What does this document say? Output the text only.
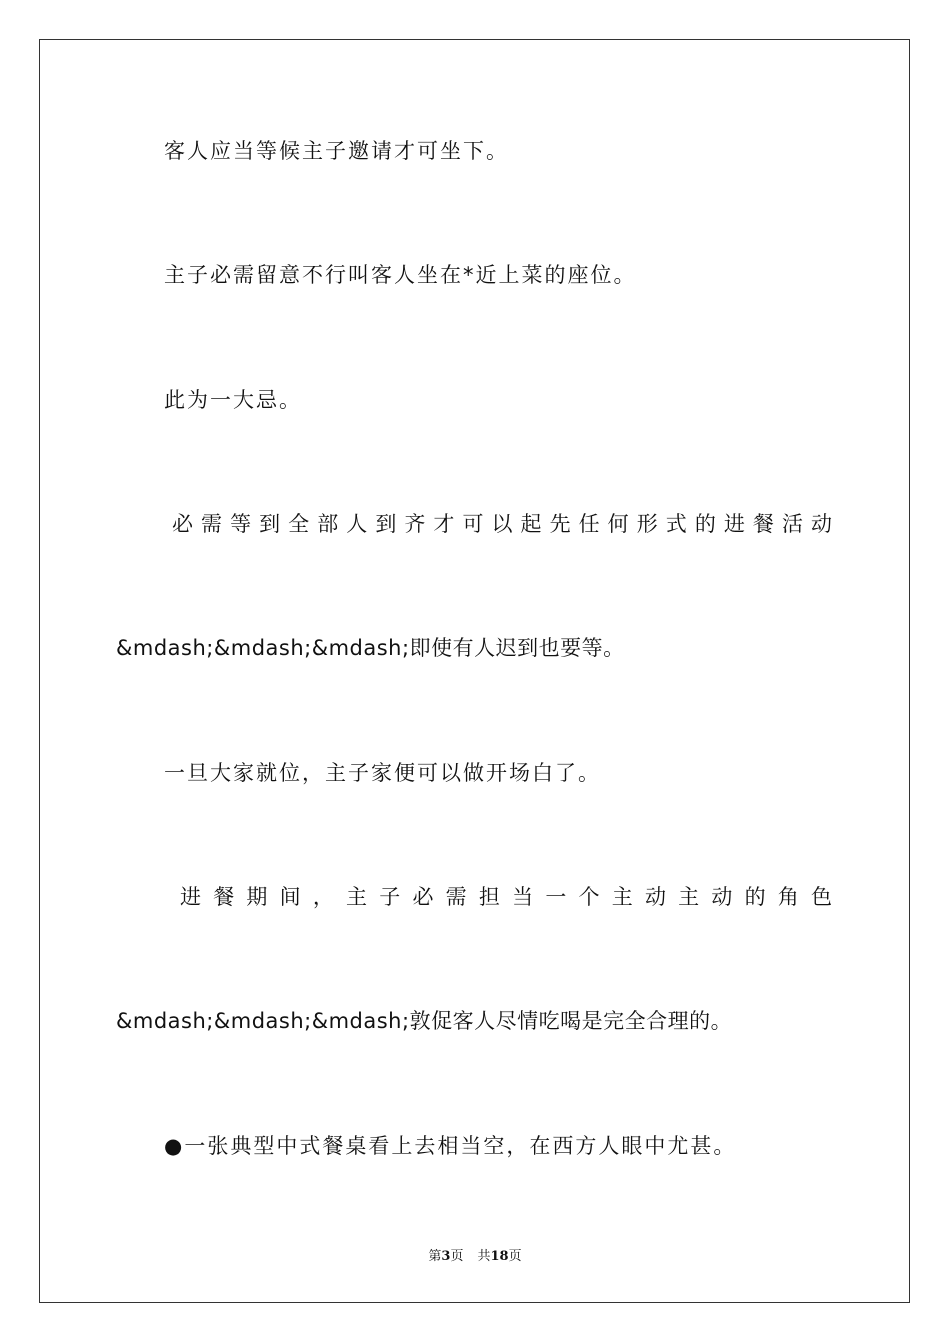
客人应当等候主子邀请才可坐下。
主子必需留意不行叫客人坐在*近上菜的座位。
此为一大忌。
必需等到全部人到齐才可以起先任何形式的进餐活动
&mdash;&mdash;&mdash;即使有人迟到也要等。
一旦大家就位，主子家便可以做开场白了。
进餐期间，主子必需担当一个主动主动的角色
&mdash;&mdash;&mdash;敦促客人尽情吃喝是完全合理的。
●一张典型中式餐桌看上去相当空，在西方人眼中尤甚。
第3页 共18页
